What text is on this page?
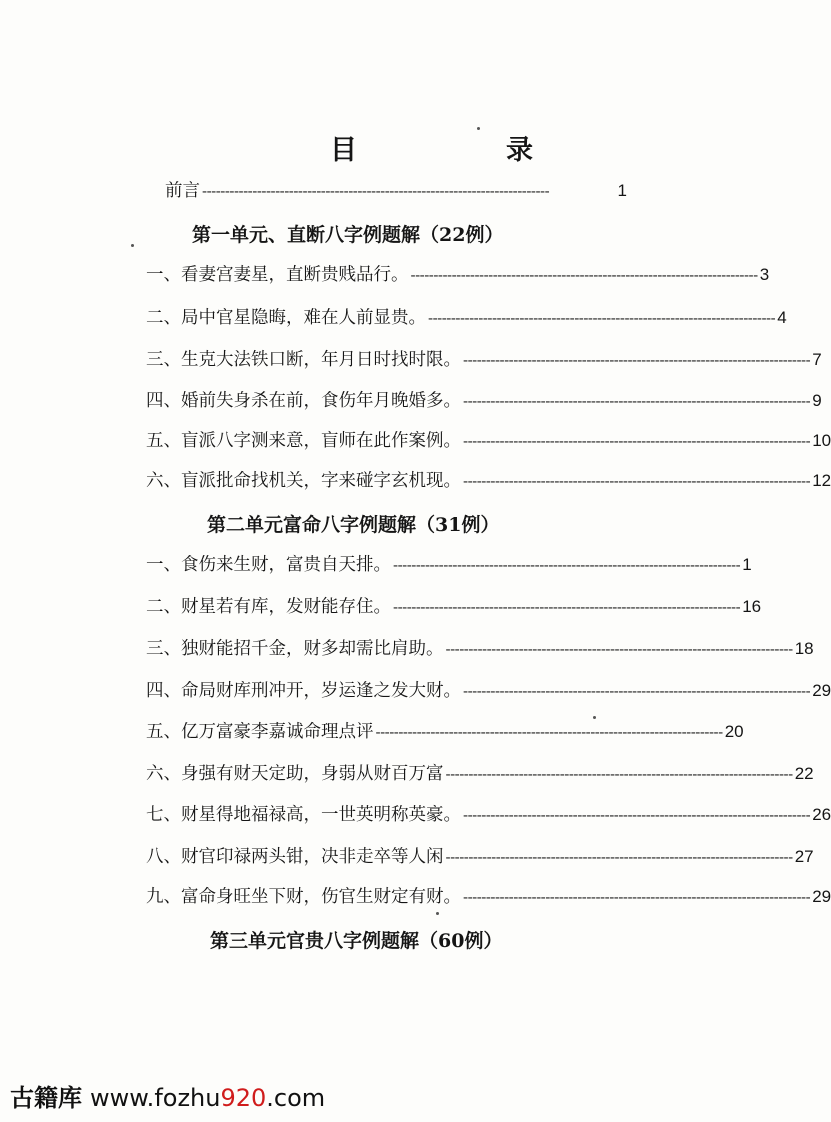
目	录
前言 ----------------------------------------------------------------------------	1
第一单元、直断八字例题解（22例）
一、看妻宫妻星，直断贵贱品行。 ---------------------------------------------------------------------------- 3
二、局中官星隐晦，难在人前显贵。 ---------------------------------------------------------------------------- 4
三、生克大法铁口断，年月日时找时限。 ---------------------------------------------------------------------------- 7
四、婚前失身杀在前，食伤年月晚婚多。 ---------------------------------------------------------------------------- 9
五、盲派八字测来意，盲师在此作案例。 ---------------------------------------------------------------------------- 10
六、盲派批命找机关，字来碰字玄机现。 ---------------------------------------------------------------------------- 12
第二单元富命八字例题解（31例）
一、食伤来生财，富贵自天排。 ---------------------------------------------------------------------------- 1
二、财星若有库，发财能存住。 ---------------------------------------------------------------------------- 16
三、独财能招千金，财多却需比肩助。 ---------------------------------------------------------------------------- 18
四、命局财库刑冲开，岁运逢之发大财。 ---------------------------------------------------------------------------- 29
五、亿万富豪李嘉诚命理点评 ---------------------------------------------------------------------------- 20
六、身强有财天定助，身弱从财百万富 ---------------------------------------------------------------------------- 22
七、财星得地福禄高，一世英明称英豪。 ---------------------------------------------------------------------------- 26
八、财官印禄两头钳，决非走卒等人闲 ---------------------------------------------------------------------------- 27
九、富命身旺坐下财，伤官生财定有财。 ---------------------------------------------------------------------------- 29
第三单元官贵八字例题解（60例）
古籍库 www.fozhu920.com
